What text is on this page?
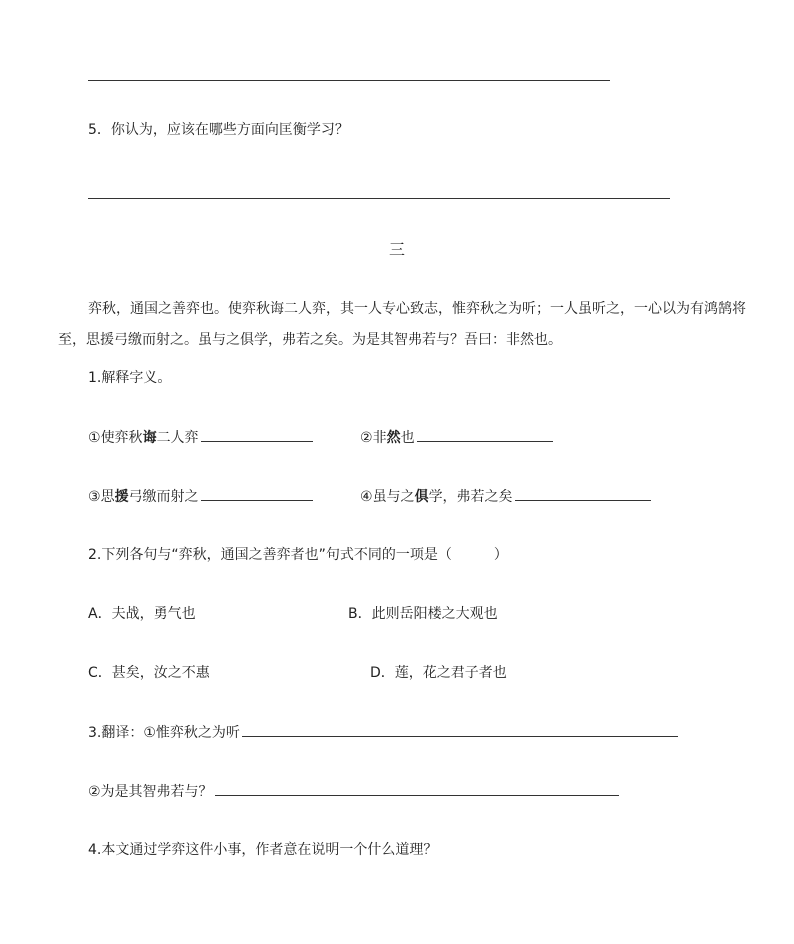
5．你认为，应该在哪些方面向匡衡学习？
三
弈秋，通国之善弈也。使弈秋诲二人弈，其一人专心致志，惟弈秋之为听；一人虽听之，一心以为有鸿鹄将至，思援弓缴而射之。虽与之俱学，弗若之矣。为是其智弗若与？吾曰：非然也。
1.解释字义。
①使弈秋诲二人弈	②非然也
③思援弓缴而射之	④虽与之俱学，弗若之矣
2.下列各句与“弈秋，通国之善弈者也”句式不同的一项是（　　　）
A．夫战，勇气也	B．此则岳阳楼之大观也
C．甚矣，汝之不惠	D．莲，花之君子者也
3.翻译：①惟弈秋之为听
②为是其智弗若与？
4.本文通过学弈这件小事，作者意在说明一个什么道理？
